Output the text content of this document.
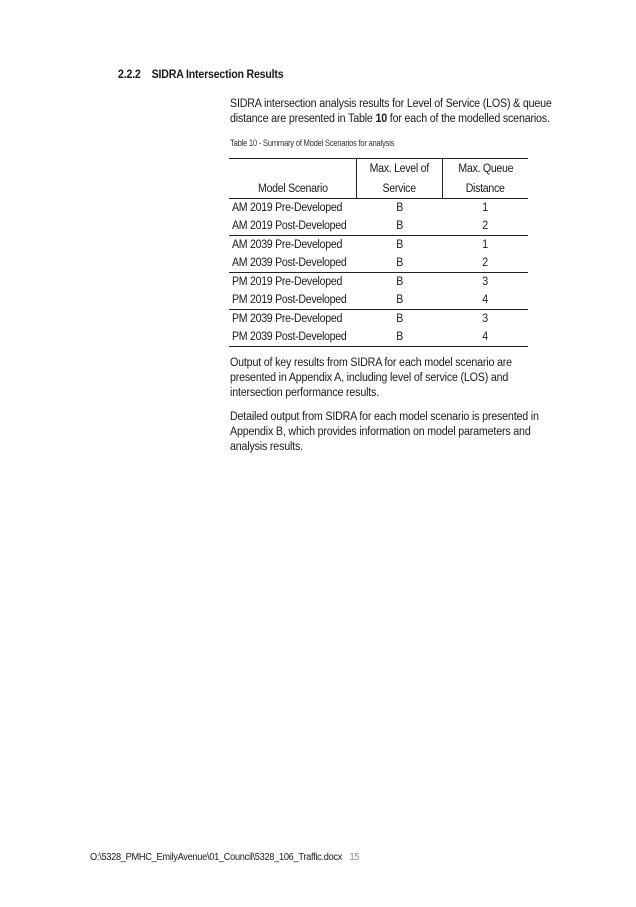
2.2.2 SIDRA Intersection Results
SIDRA intersection analysis results for Level of Service (LOS) & queue
distance are presented in Table 10 for each of the modelled scenarios.
Table 10 - Summary of Model Scenarios for analysis
	Max. Level of	Max. Queue
Model Scenario	Service	Distance
AM 2019 Pre-Developed	B	1
AM 2019 Post-Developed	B	2
AM 2039 Pre-Developed	B	1
AM 2039 Post-Developed	B	2
PM 2019 Pre-Developed	B	3
PM 2019 Post-Developed	B	4
PM 2039 Pre-Developed	B	3
PM 2039 Post-Developed	B	4
Output of key results from SIDRA for each model scenario are
presented in Appendix A, including level of service (LOS) and
intersection performance results.
Detailed output from SIDRA for each model scenario is presented in
Appendix B, which provides information on model parameters and
analysis results.
O:\5328_PMHC_EmilyAvenue\01_Council\5328_106_Traffic.docx 15
